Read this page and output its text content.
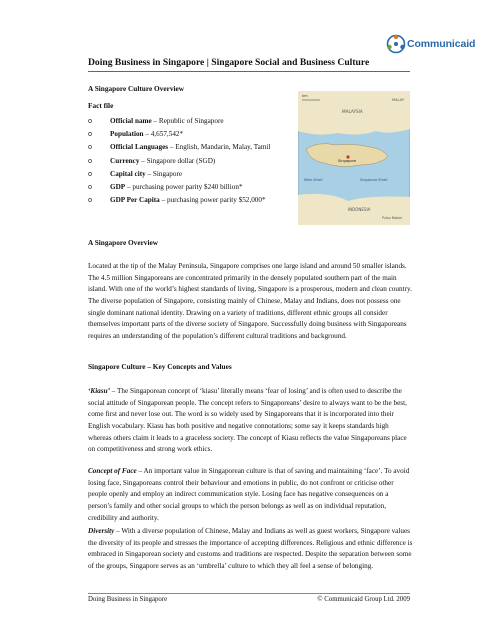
Communicaid
Doing Business in Singapore | Singapore Social and Business Culture
A Singapore Culture Overview
Fact file
o Official name – Republic of Singapore
o Population – 4,657,542*
o Official Languages – English, Mandarin, Malay, Tamil
o Currency – Singapore dollar (SGD)
o Capital city – Singapore
o GDP – purchasing power parity $240 billion*
o GDP Per Capita – purchasing power parity $52,000*
km
MALAYSIA
MALAY
Singapore
Main Strait	Singapore Strait
INDONESIA
Pulau Batam
A Singapore Overview

Located at the tip of the Malay Peninsula, Singapore comprises one large island and around 50 smaller islands. The 4.5 million Singaporeans are concentrated primarily in the densely populated southern part of the main island. With one of the world’s highest standards of living, Singapore is a prosperous, modern and clean country. The diverse population of Singapore, consisting mainly of Chinese, Malay and Indians, does not possess one single dominant national identity. Drawing on a variety of traditions, different ethnic groups all consider themselves important parts of the diverse society of Singapore. Successfully doing business with Singaporeans requires an understanding of the population’s different cultural traditions and background.

Singapore Culture – Key Concepts and Values

‘Kiasu’ – The Singaporean concept of ‘kiasu’ literally means ‘fear of losing’ and is often used to describe the social attitude of Singaporean people. The concept refers to Singaporeans’ desire to always want to be the best, come first and never lose out. The word is so widely used by Singaporeans that it is incorporated into their English vocabulary. Kiasu has both positive and negative connotations; some say it keeps standards high whereas others claim it leads to a graceless society. The concept of Kiasu reflects the value Singaporeans place on competitiveness and strong work ethics.

Concept of Face – An important value in Singaporean culture is that of saving and maintaining ‘face’. To avoid losing face, Singaporeans control their behaviour and emotions in public, do not confront or criticise other people openly and employ an indirect communication style. Losing face has negative consequences on a person’s family and other social groups to which the person belongs as well as on individual reputation, credibility and authority.

Diversity – With a diverse population of Chinese, Malay and Indians as well as guest workers, Singapore values the diversity of its people and stresses the importance of accepting differences. Religious and ethnic difference is embraced in Singaporean society and customs and traditions are respected. Despite the separation between some of the groups, Singapore serves as an ‘umbrella’ culture to which they all feel a sense of belonging.

Doing Business in Singapore	© Communicaid Group Ltd. 2009
